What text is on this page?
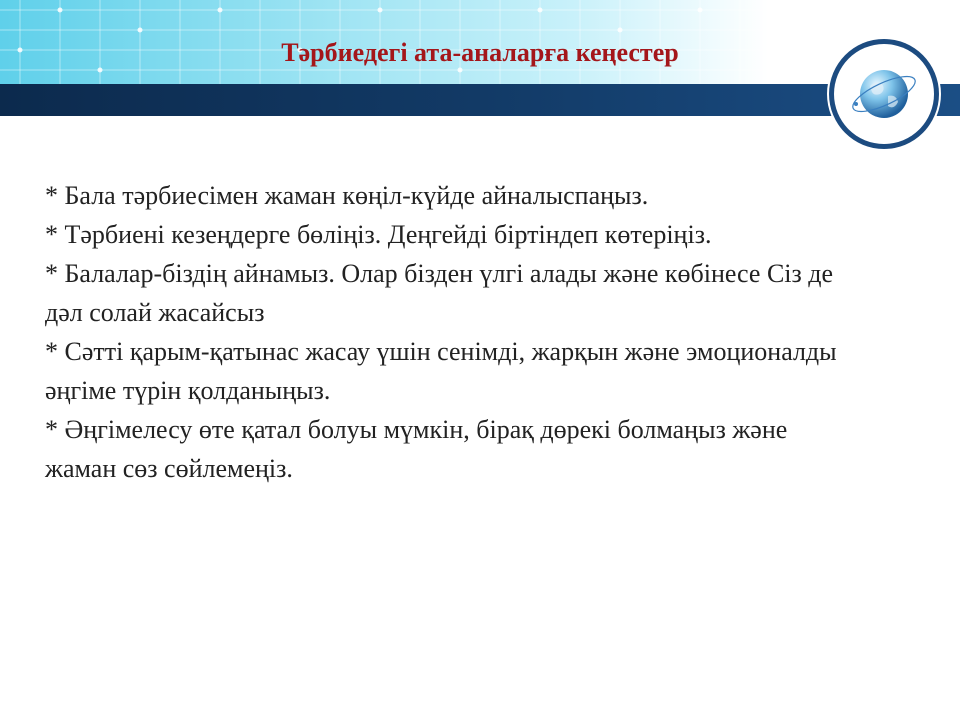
Тәрбиедегі ата-аналарға кеңестер

* Бала тәрбиесімен жаман көңіл-күйде айналыспаңыз.

* Тәрбиені кезеңдерге бөліңіз. Деңгейді біртіндеп көтеріңіз.

* Балалар-біздің айнамыз. Олар бізден үлгі алады және көбінесе Сіз де дәл солай жасайсыз

* Сәтті қарым-қатынас жасау үшін сенімді, жарқын және эмоционалды әңгіме түрін қолданыңыз.

* Әңгімелесу өте қатал болуы мүмкін, бірақ дөрекі болмаңыз және жаман сөз сөйлемеңіз.
